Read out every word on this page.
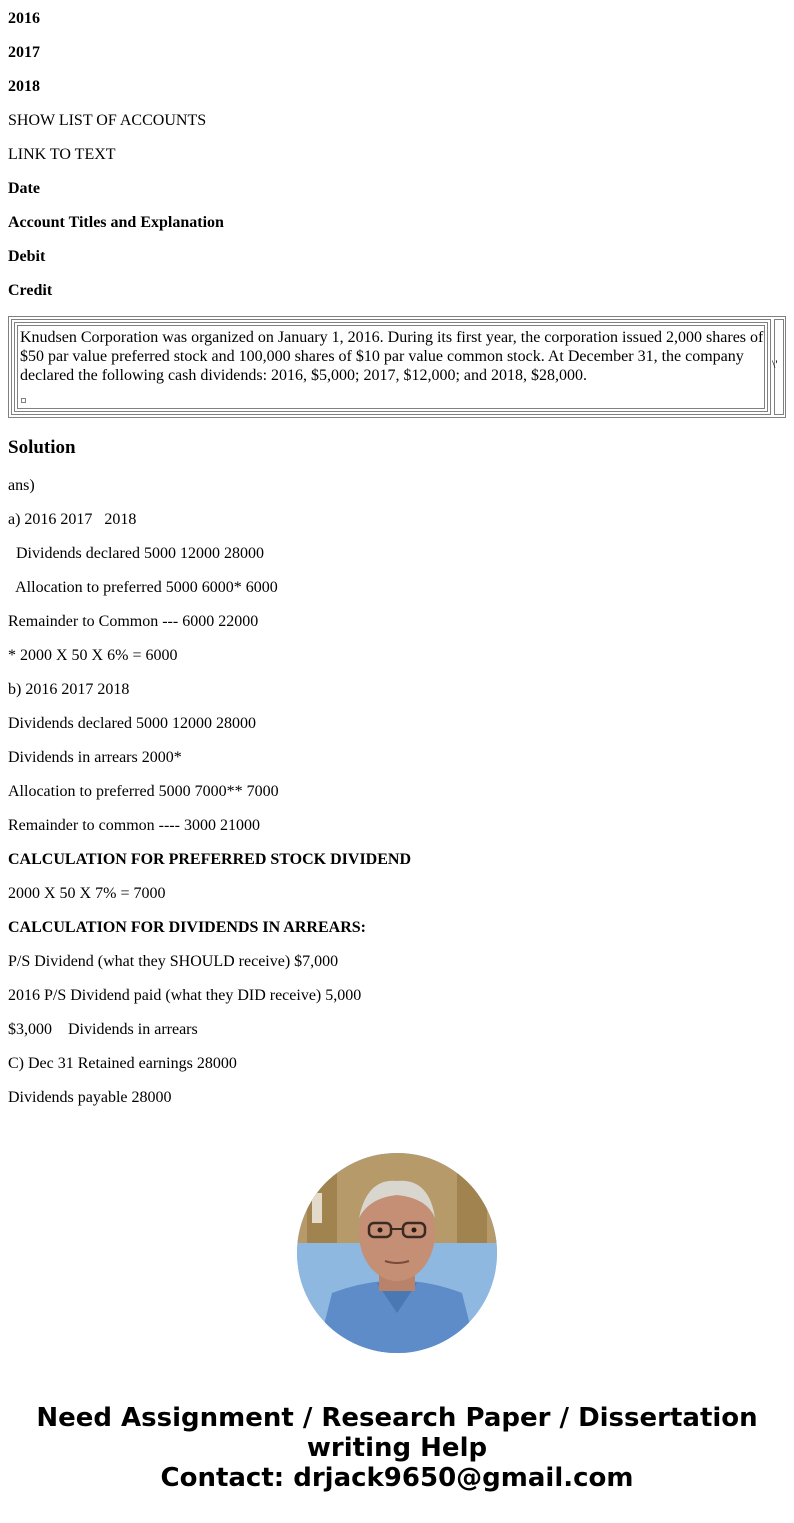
2016
2017
2018
SHOW LIST OF ACCOUNTS
LINK TO TEXT
Date
Account Titles and Explanation
Debit
Credit
Knudsen Corporation was organized on January 1, 2016. During its first year, the corporation issued 2,000 shares of $50 par value preferred stock and 100,000 shares of $10 par value common stock. At December 31, the company declared the following cash dividends: 2016, $5,000; 2017, $12,000; and 2018, $28,000.
\'
Solution
ans)
a) 2016 2017   2018
Dividends declared 5000 12000 28000
Allocation to preferred 5000 6000* 6000
Remainder to Common --- 6000 22000
* 2000 X 50 X 6% = 6000
b) 2016 2017 2018
Dividends declared 5000 12000 28000
Dividends in arrears 2000*
Allocation to preferred 5000 7000** 7000
Remainder to common ---- 3000 21000
CALCULATION FOR PREFERRED STOCK DIVIDEND
2000 X 50 X 7% = 7000
CALCULATION FOR DIVIDENDS IN ARREARS:
P/S Dividend (what they SHOULD receive) $7,000
2016 P/S Dividend paid (what they DID receive) 5,000
$3,000    Dividends in arrears
C) Dec 31 Retained earnings 28000
Dividends payable 28000
Need Assignment / Research Paper / Dissertation
writing Help
Contact: drjack9650@gmail.com
